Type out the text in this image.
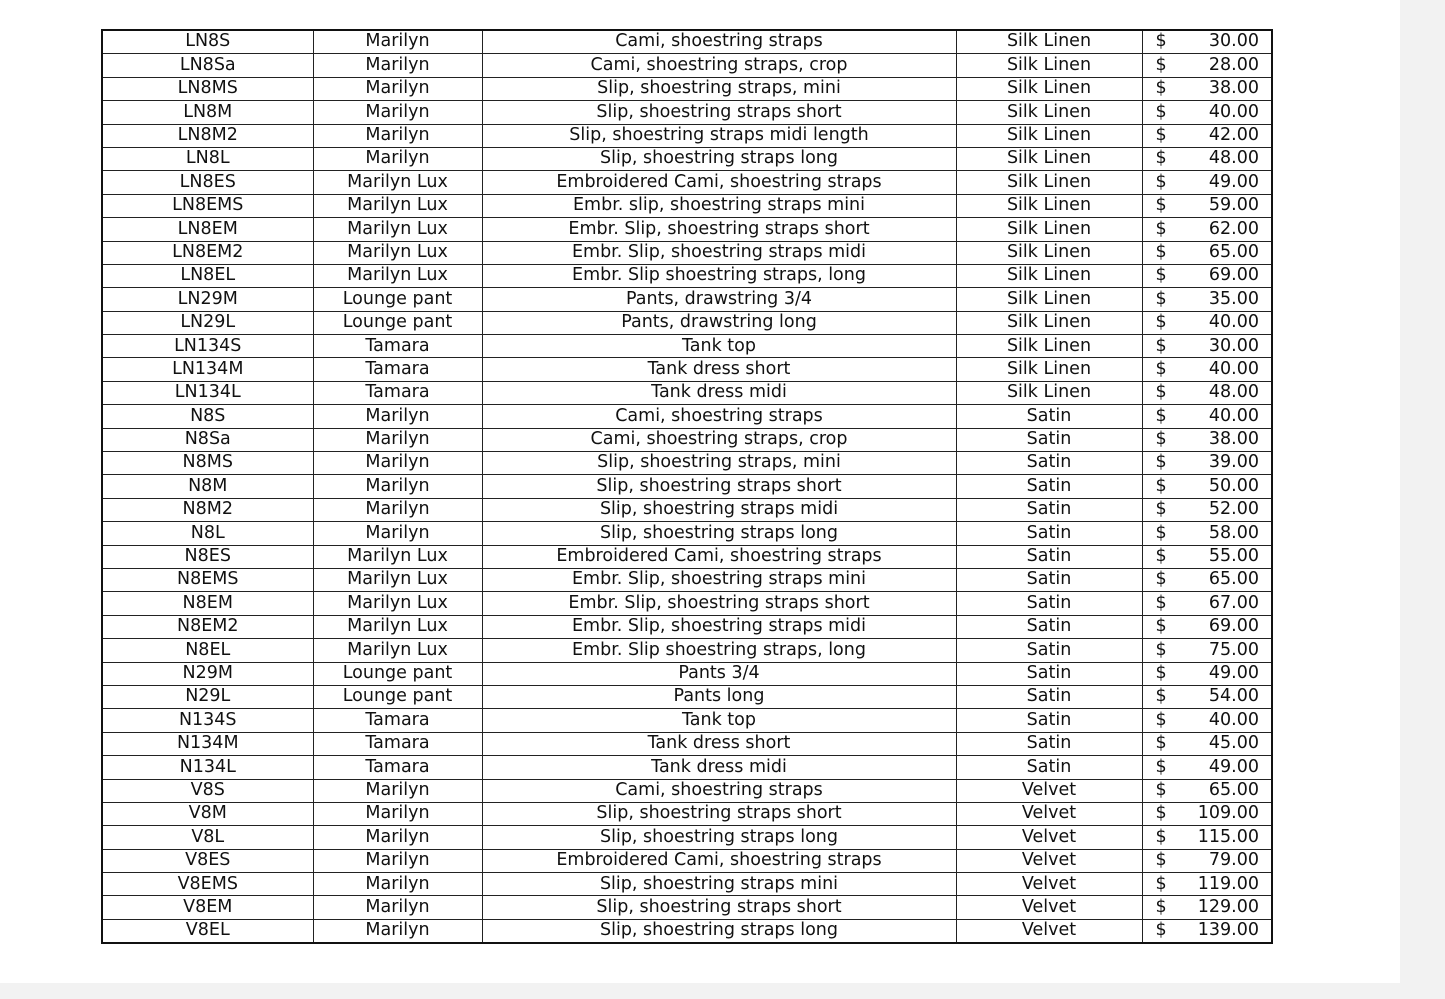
LN8S	Marilyn	Cami, shoestring straps	Silk Linen	$ 30.00

LN8Sa	Marilyn	Cami, shoestring straps, crop	Silk Linen	$ 28.00

LN8MS	Marilyn	Slip, shoestring straps, mini	Silk Linen	$ 38.00

LN8M	Marilyn	Slip, shoestring straps short	Silk Linen	$ 40.00

LN8M2	Marilyn	Slip, shoestring straps midi length	Silk Linen	$ 42.00

LN8L	Marilyn	Slip, shoestring straps long	Silk Linen	$ 48.00

LN8ES	Marilyn Lux	Embroidered Cami, shoestring straps	Silk Linen	$ 49.00

LN8EMS	Marilyn Lux	Embr. slip, shoestring straps mini	Silk Linen	$ 59.00

LN8EM	Marilyn Lux	Embr. Slip, shoestring straps short	Silk Linen	$ 62.00

LN8EM2	Marilyn Lux	Embr. Slip, shoestring straps midi	Silk Linen	$ 65.00

LN8EL	Marilyn Lux	Embr. Slip shoestring straps, long	Silk Linen	$ 69.00

LN29M	Lounge pant	Pants, drawstring 3/4	Silk Linen	$ 35.00

LN29L	Lounge pant	Pants, drawstring long	Silk Linen	$ 40.00

LN134S	Tamara	Tank top	Silk Linen	$ 30.00

LN134M	Tamara	Tank dress short	Silk Linen	$ 40.00

LN134L	Tamara	Tank dress midi	Silk Linen	$ 48.00

N8S	Marilyn	Cami, shoestring straps	Satin	$ 40.00

N8Sa	Marilyn	Cami, shoestring straps, crop	Satin	$ 38.00

N8MS	Marilyn	Slip, shoestring straps, mini	Satin	$ 39.00

N8M	Marilyn	Slip, shoestring straps short	Satin	$ 50.00

N8M2	Marilyn	Slip, shoestring straps midi	Satin	$ 52.00

N8L	Marilyn	Slip, shoestring straps long	Satin	$ 58.00

N8ES	Marilyn Lux	Embroidered Cami, shoestring straps	Satin	$ 55.00

N8EMS	Marilyn Lux	Embr. Slip, shoestring straps mini	Satin	$ 65.00

N8EM	Marilyn Lux	Embr. Slip, shoestring straps short	Satin	$ 67.00

N8EM2	Marilyn Lux	Embr. Slip, shoestring straps midi	Satin	$ 69.00

N8EL	Marilyn Lux	Embr. Slip shoestring straps, long	Satin	$ 75.00

N29M	Lounge pant	Pants 3/4	Satin	$ 49.00

N29L	Lounge pant	Pants long	Satin	$ 54.00

N134S	Tamara	Tank top	Satin	$ 40.00

N134M	Tamara	Tank dress short	Satin	$ 45.00

N134L	Tamara	Tank dress midi	Satin	$ 49.00

V8S	Marilyn	Cami, shoestring straps	Velvet	$ 65.00

V8M	Marilyn	Slip, shoestring straps short	Velvet	$ 109.00

V8L	Marilyn	Slip, shoestring straps long	Velvet	$ 115.00

V8ES	Marilyn	Embroidered Cami, shoestring straps	Velvet	$ 79.00

V8EMS	Marilyn	Slip, shoestring straps mini	Velvet	$ 119.00

V8EM	Marilyn	Slip, shoestring straps short	Velvet	$ 129.00

V8EL	Marilyn	Slip, shoestring straps long	Velvet	$ 139.00
